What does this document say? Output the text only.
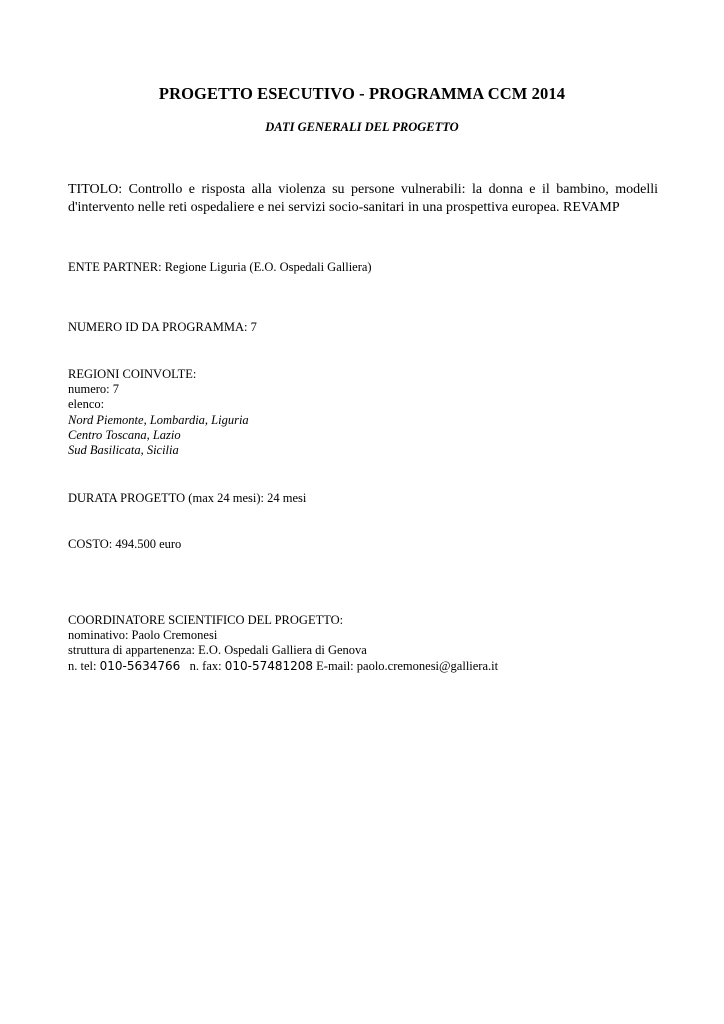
PROGETTO ESECUTIVO - PROGRAMMA CCM 2014
DATI GENERALI DEL PROGETTO
TITOLO: Controllo e risposta alla violenza su persone vulnerabili: la donna e il bambino, modelli
d'intervento nelle reti ospedaliere e nei servizi socio-sanitari in una prospettiva europea. REVAMP
ENTE PARTNER: Regione Liguria (E.O. Ospedali Galliera)
NUMERO ID DA PROGRAMMA: 7
REGIONI COINVOLTE:
numero: 7
elenco:
Nord Piemonte, Lombardia, Liguria
Centro Toscana, Lazio
Sud Basilicata, Sicilia
DURATA PROGETTO (max 24 mesi): 24 mesi
COSTO: 494.500 euro
COORDINATORE SCIENTIFICO DEL PROGETTO:
nominativo: Paolo Cremonesi
struttura di appartenenza: E.O. Ospedali Galliera di Genova
n. tel: 010-5634766   n. fax: 010-57481208 E-mail: paolo.cremonesi@galliera.it
